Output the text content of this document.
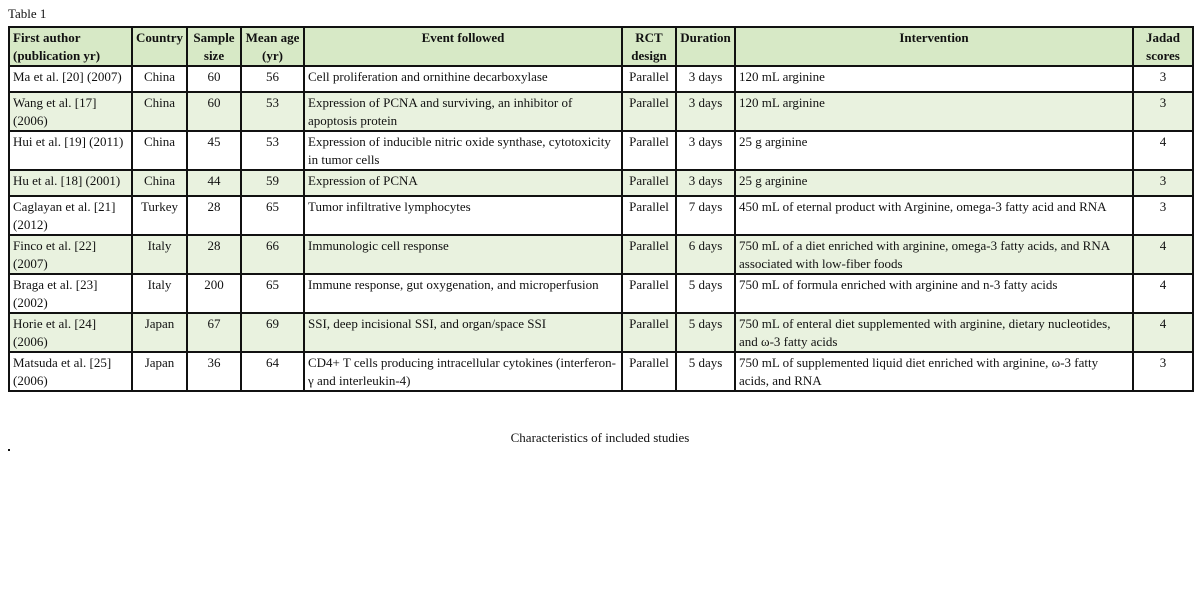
Table 1
First author (publication yr)	Country	Sample size	Mean age (yr)	Event followed	RCT design	Duration	Intervention	Jadad scores
Ma et al. [20] (2007)	China	60	56	Cell proliferation and ornithine decarboxylase	Parallel	3 days	120 mL arginine	3
Wang et al. [17] (2006)	China	60	53	Expression of PCNA and surviving, an inhibitor of apoptosis protein	Parallel	3 days	120 mL arginine	3
Hui et al. [19] (2011)	China	45	53	Expression of inducible nitric oxide synthase, cytotoxicity in tumor cells	Parallel	3 days	25 g arginine	4
Hu et al. [18] (2001)	China	44	59	Expression of PCNA	Parallel	3 days	25 g arginine	3
Caglayan et al. [21] (2012)	Turkey	28	65	Tumor infiltrative lymphocytes	Parallel	7 days	450 mL of eternal product with Arginine, omega-3 fatty acid and RNA	3
Finco et al. [22] (2007)	Italy	28	66	Immunologic cell response	Parallel	6 days	750 mL of a diet enriched with arginine, omega-3 fatty acids, and RNA associated with low-fiber foods	4
Braga et al. [23] (2002)	Italy	200	65	Immune response, gut oxygenation, and microperfusion	Parallel	5 days	750 mL of formula enriched with arginine and n-3 fatty acids	4
Horie et al. [24] (2006)	Japan	67	69	SSI, deep incisional SSI, and organ/space SSI	Parallel	5 days	750 mL of enteral diet supplemented with arginine, dietary nucleotides, and ω-3 fatty acids	4
Matsuda et al. [25] (2006)	Japan	36	64	CD4+ T cells producing intracellular cytokines (interferon-γ and interleukin-4)	Parallel	5 days	750 mL of supplemented liquid diet enriched with arginine, ω-3 fatty acids, and RNA	3
Characteristics of included studies
